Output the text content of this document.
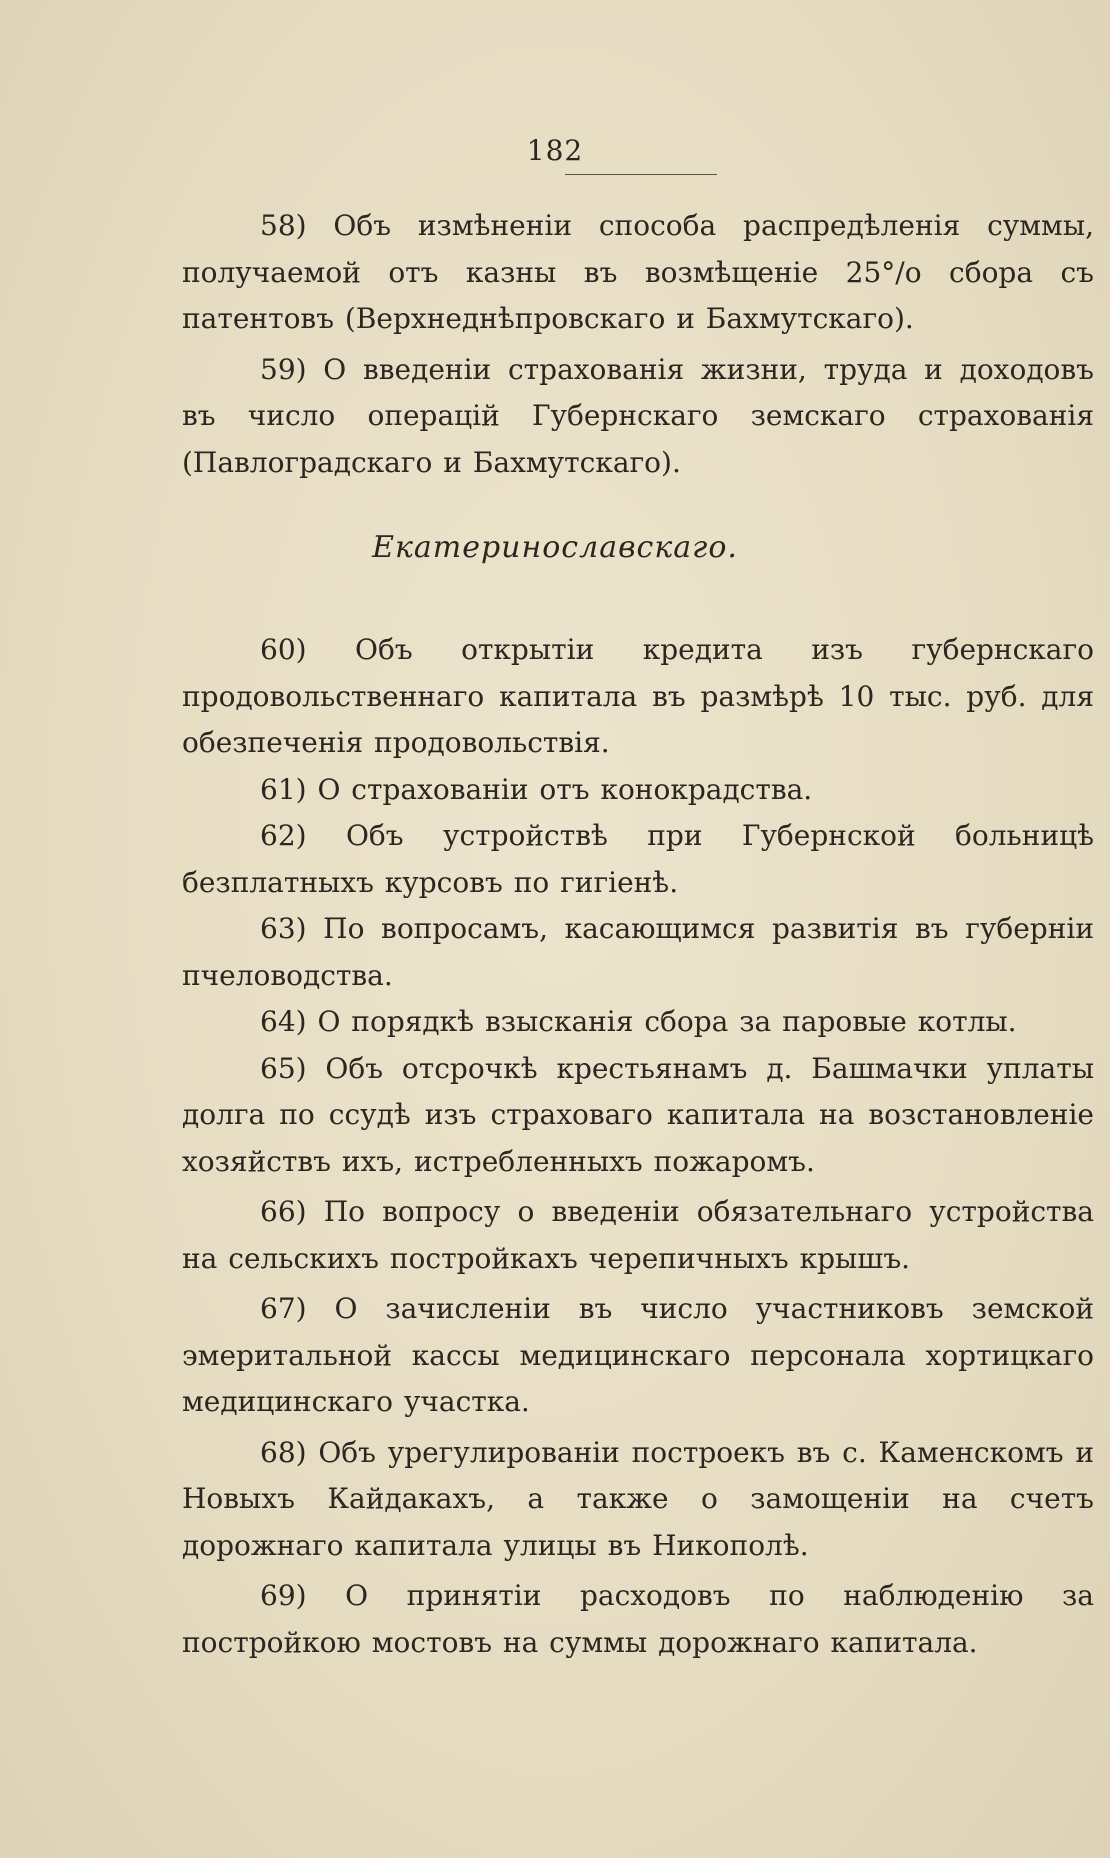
182

58) Объ измѣненіи способа распредѣленія суммы, получаемой отъ казны въ возмѣщеніе 25°/о сбора съ патентовъ (Верхнеднѣпровскаго и Бахмутскаго).

59) О введеніи страхованія жизни, труда и доходовъ въ число операцій Губернскаго земскаго страхованія (Павлоградскаго и Бахмутскаго).

Екатеринославскаго.

60) Объ открытіи кредита изъ губернскаго продовольственнаго капитала въ размѣрѣ 10 тыс. руб. для обезпеченія продовольствія.

61) О страхованіи отъ конокрадства.

62) Объ устройствѣ при Губернской больницѣ безплатныхъ курсовъ по гигіенѣ.

63) По вопросамъ, касающимся развитія въ губерніи пчеловодства.

64) О порядкѣ взысканія сбора за паровые котлы.

65) Объ отсрочкѣ крестьянамъ д. Башмачки уплаты долга по ссудѣ изъ страховаго капитала на возстановленіе хозяйствъ ихъ, истребленныхъ пожаромъ.

66) По вопросу о введеніи обязательнаго устройства на сельскихъ постройкахъ черепичныхъ крышъ.

67) О зачисленіи въ число участниковъ земской эмеритальной кассы медицинскаго персонала хортицкаго медицинскаго участка.

68) Объ урегулированіи построекъ въ с. Каменскомъ и Новыхъ Кайдакахъ, а также о замощеніи на счетъ дорожнаго капитала улицы въ Никополѣ.

69) О принятіи расходовъ по наблюденію за постройкою мостовъ на суммы дорожнаго капитала.
